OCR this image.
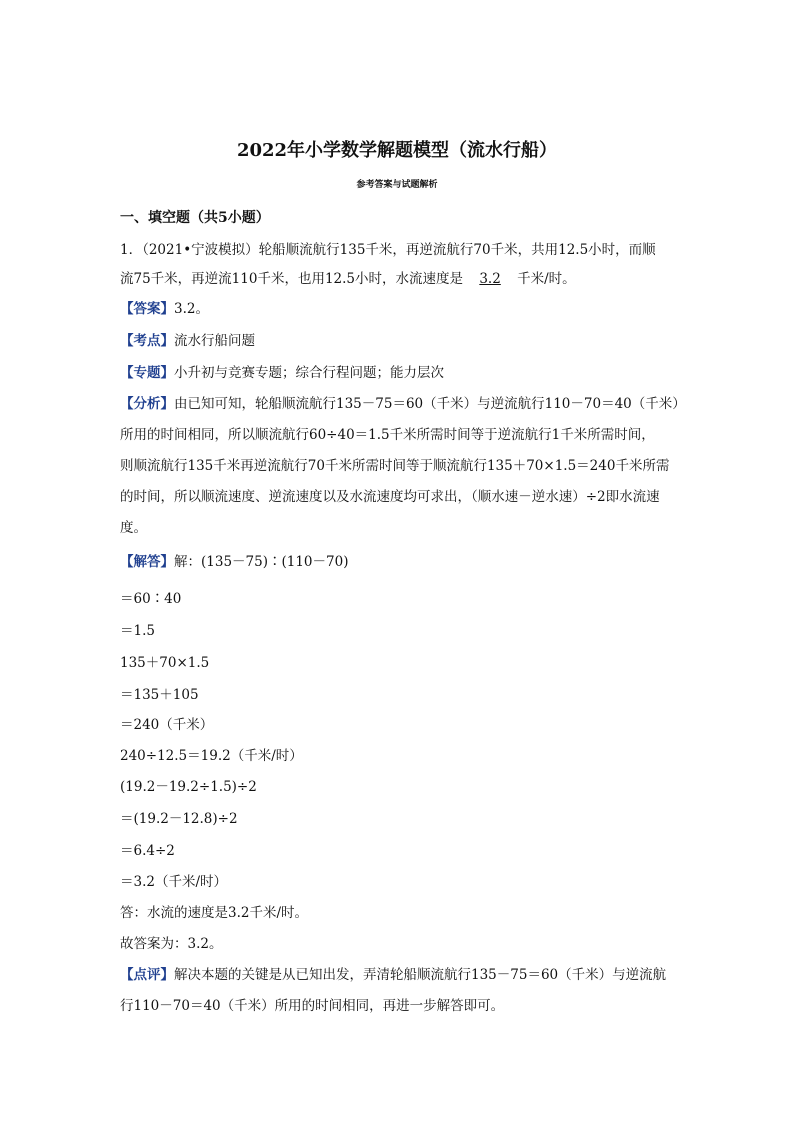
2022年小学数学解题模型（流水行船）
参考答案与试题解析
一、填空题（共5小题）
1．（2021•宁波模拟）轮船顺流航行135千米，再逆流航行70千米，共用12.5小时，而顺
流75千米，再逆流110千米，也用12.5小时，水流速度是 3.2 千米/时。
【答案】3.2。
【考点】流水行船问题
【专题】小升初与竞赛专题；综合行程问题；能力层次
【分析】由已知可知，轮船顺流航行135－75＝60（千米）与逆流航行110－70＝40（千米）
所用的时间相同，所以顺流航行60÷40＝1.5千米所需时间等于逆流航行1千米所需时间，
则顺流航行135千米再逆流航行70千米所需时间等于顺流航行135＋70×1.5＝240千米所需
的时间，所以顺流速度、逆流速度以及水流速度均可求出，（顺水速－逆水速）÷2即水流速
度。
【解答】解：(135－75)∶(110－70)
＝60∶40
＝1.5
135＋70×1.5
＝135＋105
＝240（千米）
240÷12.5＝19.2（千米/时）
(19.2－19.2÷1.5)÷2
＝(19.2－12.8)÷2
＝6.4÷2
＝3.2（千米/时）
答：水流的速度是3.2千米/时。
故答案为：3.2。
【点评】解决本题的关键是从已知出发，弄清轮船顺流航行135－75＝60（千米）与逆流航
行110－70＝40（千米）所用的时间相同，再进一步解答即可。
